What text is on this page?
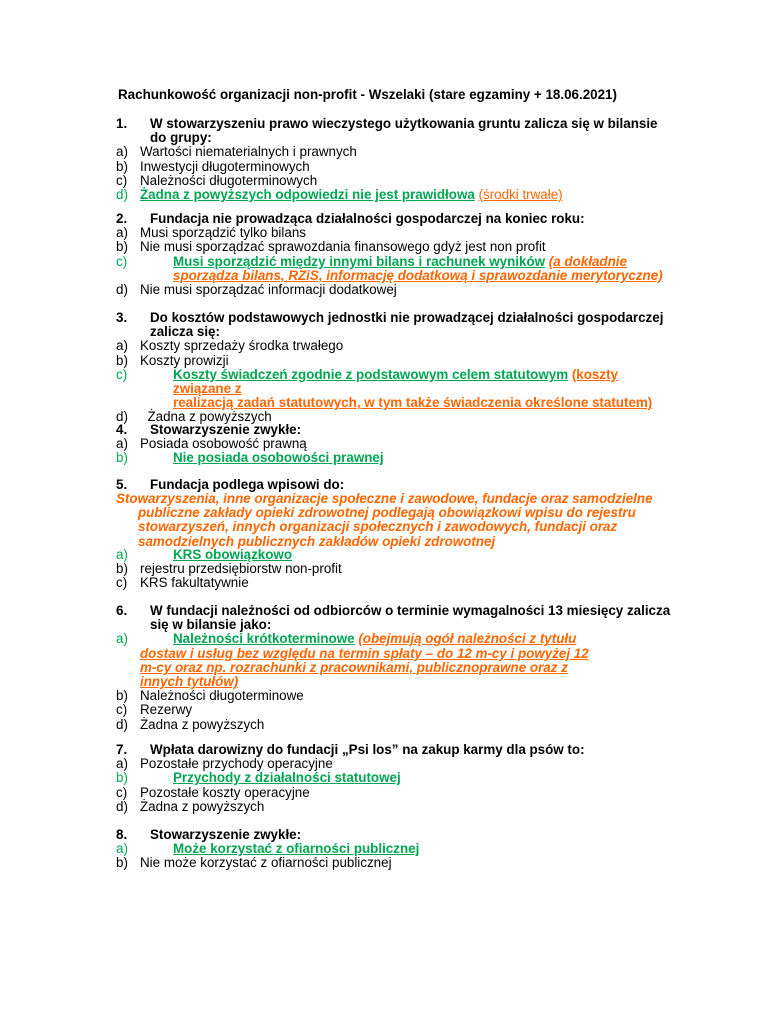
Rachunkowość organizacji non-profit - Wszelaki (stare egzaminy + 18.06.2021)
1. W stowarzyszeniu prawo wieczystego użytkowania gruntu zalicza się w bilansie do grupy:
a) Wartości niematerialnych i prawnych
b) Inwestycji długoterminowych
c) Należności długoterminowych
d) Żadna z powyższych odpowiedzi nie jest prawidłowa (środki trwałe)
2. Fundacja nie prowadząca działalności gospodarczej na koniec roku:
a) Musi sporządzić tylko bilans
b) Nie musi sporządzać sprawozdania finansowego gdyż jest non profit
c)	Musi sporządzić między innymi bilans i rachunek wyników (a dokładnie
sporządza bilans, RZiS, informację dodatkową i sprawozdanie merytoryczne)
d) Nie musi sporządzać informacji dodatkowej
3. Do kosztów podstawowych jednostki nie prowadzącej działalności gospodarczej zalicza się:
a) Koszty sprzedaży środka trwałego
b) Koszty prowizji
c)	Koszty świadczeń zgodnie z podstawowym celem statutowym (koszty związane z
realizacją zadań statutowych, w tym także świadczenia określone statutem)
d) Żadna z powyższych
4. Stowarzyszenie zwykłe:
a) Posiada osobowość prawną
b)	Nie posiada osobowości prawnej
5. Fundacja podlega wpisowi do:
Stowarzyszenia, inne organizacje społeczne i zawodowe, fundacje oraz samodzielne
publiczne zakłady opieki zdrowotnej podlegają obowiązkowi wpisu do rejestru
stowarzyszeń, innych organizacji społecznych i zawodowych, fundacji oraz
samodzielnych publicznych zakładów opieki zdrowotnej
a)	KRS obowiązkowo
b) rejestru przedsiębiorstw non-profit
c) KRS fakultatywnie
6. W fundacji należności od odbiorców o terminie wymagalności 13 miesięcy zalicza się w bilansie jako:
a)	Należności krótkoterminowe (obejmują ogół należności z tytułu
dostaw i usług bez względu na termin spłaty – do 12 m-cy i powyżej 12
m-cy oraz np. rozrachunki z pracownikami, publicznoprawne oraz z
innych tytułów)
b) Należności długoterminowe
c) Rezerwy
d) Żadna z powyższych
7. Wpłata darowizny do fundacji „Psi los” na zakup karmy dla psów to:
a) Pozostałe przychody operacyjne
b)	Przychody z działalności statutowej
c) Pozostałe koszty operacyjne
d) Żadna z powyższych
8. Stowarzyszenie zwykłe:
a)	Może korzystać z ofiarności publicznej
b) Nie może korzystać z ofiarności publicznej
